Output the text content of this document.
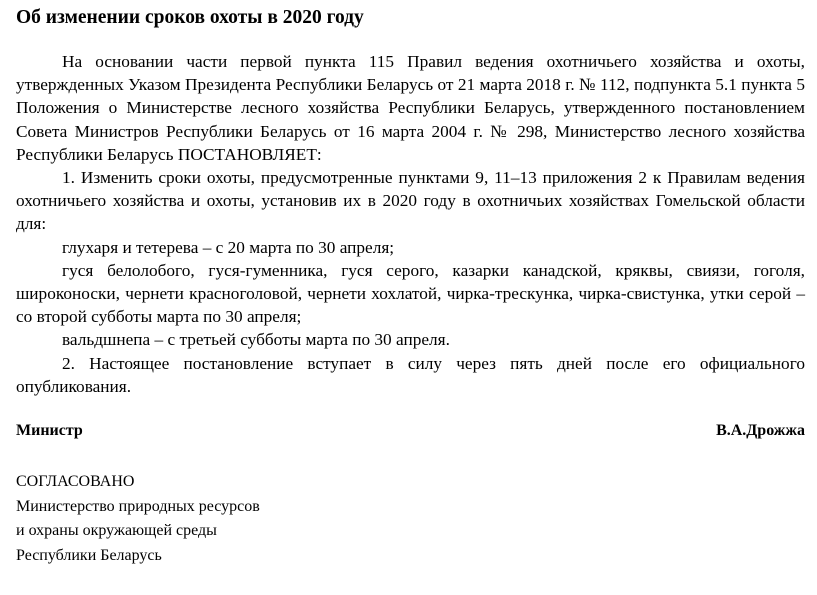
Об изменении сроков охоты в 2020 году

На основании части первой пункта 115 Правил ведения охотничьего хозяйства и охоты, утвержденных Указом Президента Республики Беларусь от 21 марта 2018 г. № 112, подпункта 5.1 пункта 5 Положения о Министерстве лесного хозяйства Республики Беларусь, утвержденного постановлением Совета Министров Республики Беларусь от 16 марта 2004 г. № 298, Министерство лесного хозяйства Республики Беларусь ПОСТАНОВЛЯЕТ:

1. Изменить сроки охоты, предусмотренные пунктами 9, 11–13 приложения 2 к Правилам ведения охотничьего хозяйства и охоты, установив их в 2020 году в охотничьих хозяйствах Гомельской области для:

глухаря и тетерева – с 20 марта по 30 апреля;

гуся белолобого, гуся-гуменника, гуся серого, казарки канадской, кряквы, свиязи, гоголя, широконоски, чернети красноголовой, чернети хохлатой, чирка-трескунка, чирка-свистунка, утки серой – со второй субботы марта по 30 апреля;

вальдшнепа – с третьей субботы марта по 30 апреля.

2. Настоящее постановление вступает в силу через пять дней после его официального опубликования.

Министр	В.А.Дрожжа
СОГЛАСОВАНО
Министерство природных ресурсов
и охраны окружающей среды
Республики Беларусь
